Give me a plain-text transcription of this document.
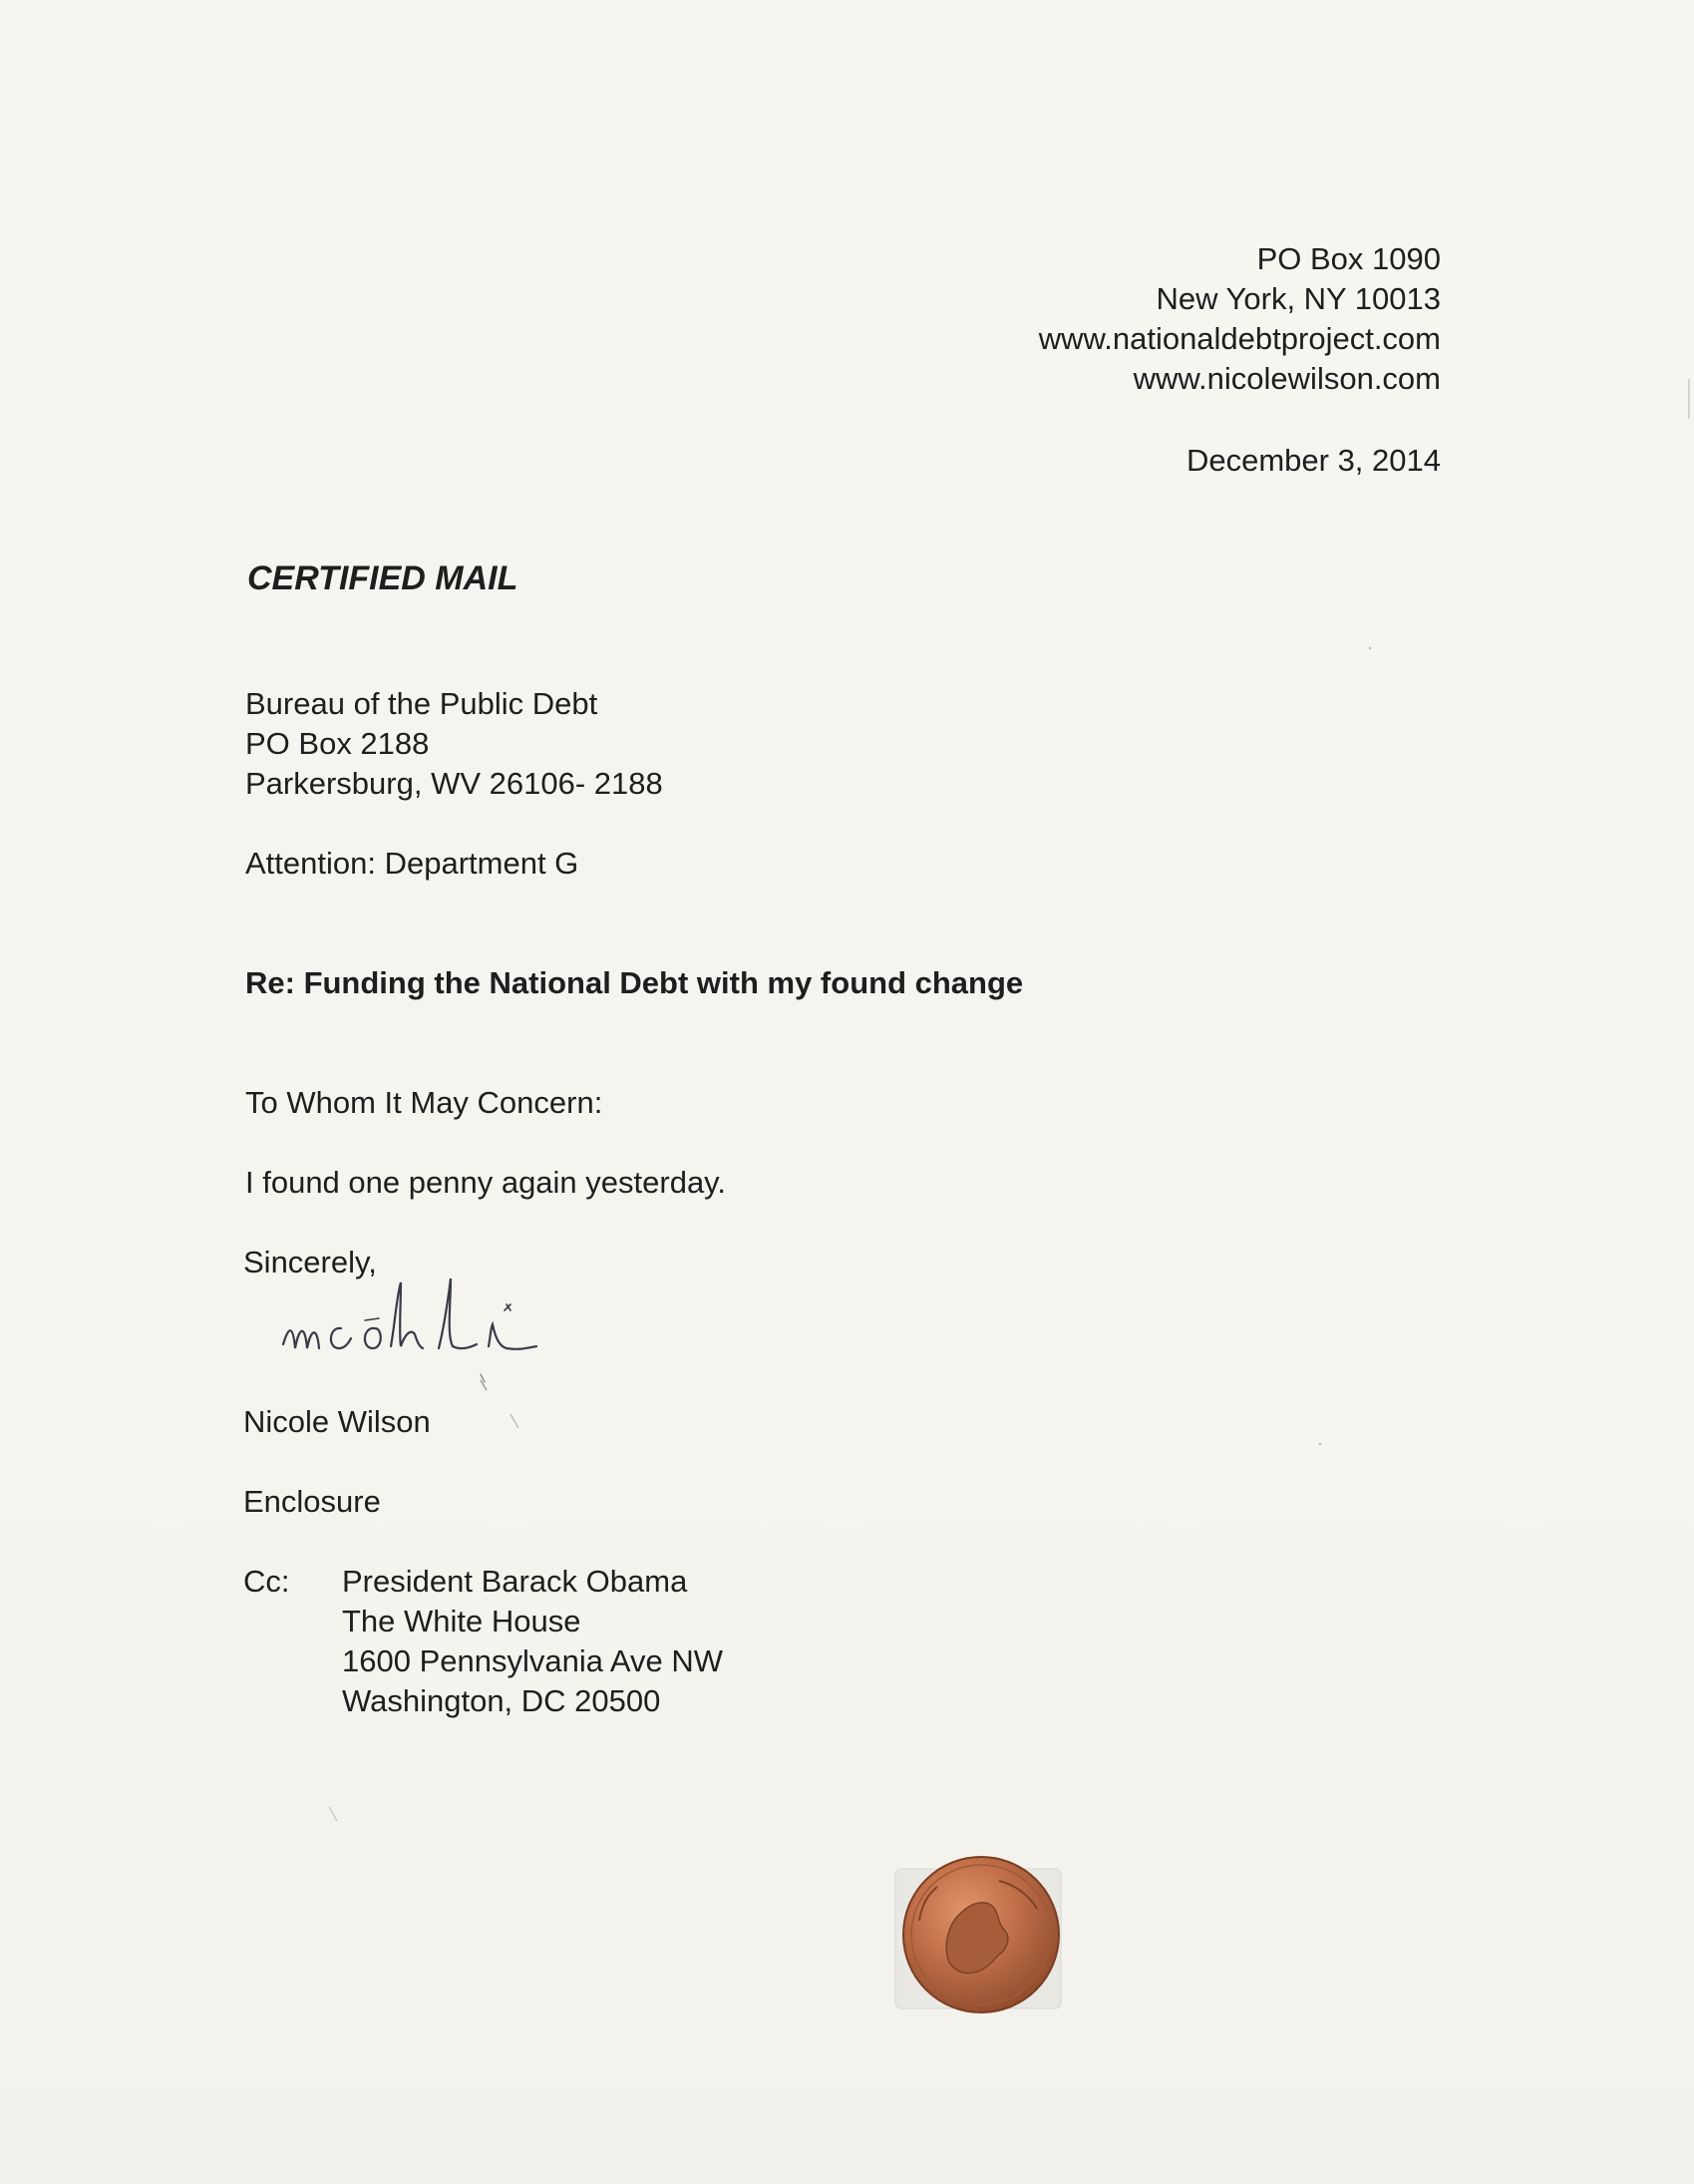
PO Box 1090
New York, NY 10013
www.nationaldebtproject.com
www.nicolewilson.com
December 3, 2014
CERTIFIED MAIL
Bureau of the Public Debt
PO Box 2188
Parkersburg, WV 26106- 2188
Attention: Department G
Re: Funding the National Debt with my found change
To Whom It May Concern:
I found one penny again yesterday.
Sincerely,
Nicole Wilson
Enclosure
Cc: President Barack Obama
The White House
1600 Pennsylvania Ave NW
Washington, DC 20500
